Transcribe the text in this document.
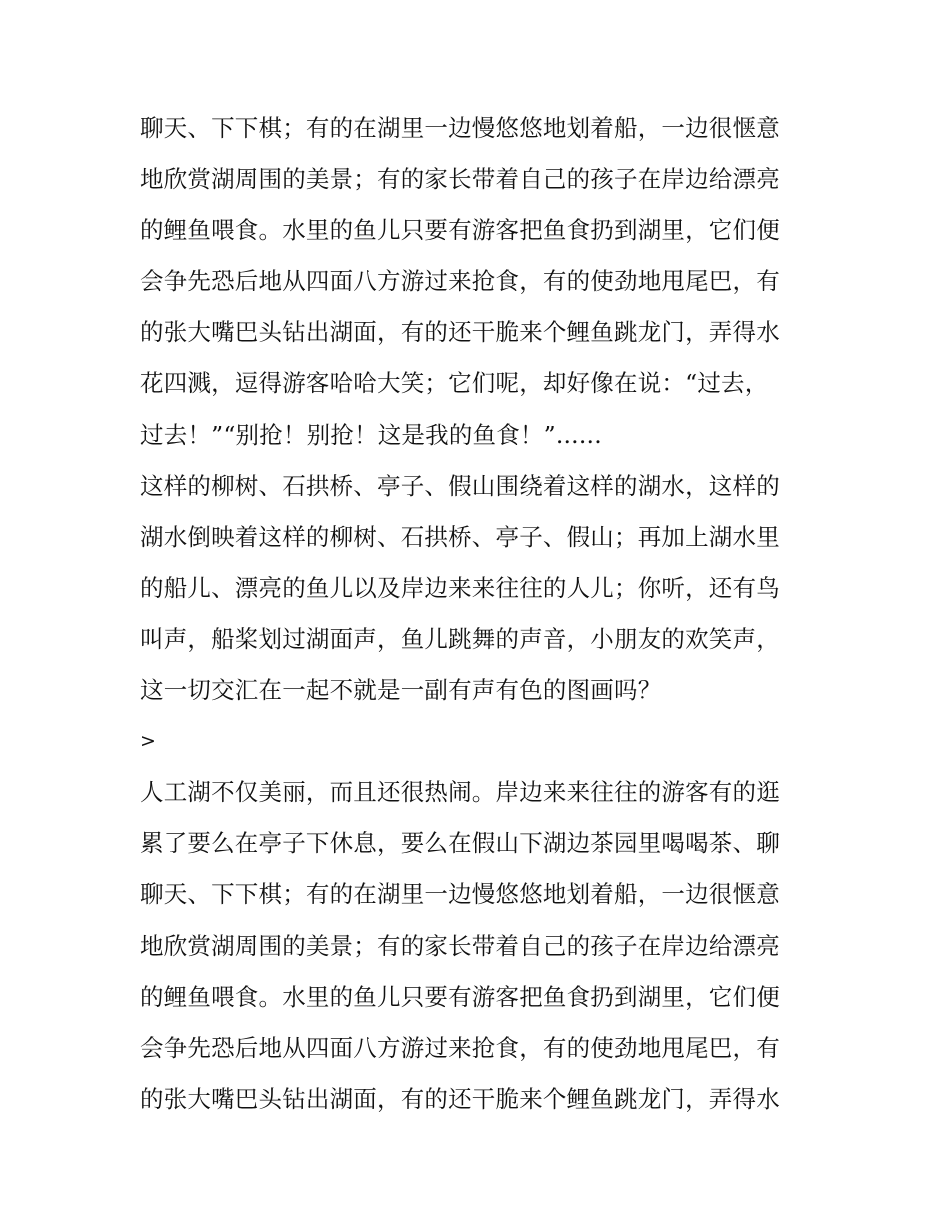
聊天、下下棋；有的在湖里一边慢悠悠地划着船，一边很惬意
地欣赏湖周围的美景；有的家长带着自己的孩子在岸边给漂亮
的鲤鱼喂食。水里的鱼儿只要有游客把鱼食扔到湖里，它们便
会争先恐后地从四面八方游过来抢食，有的使劲地甩尾巴，有
的张大嘴巴头钻出湖面，有的还干脆来个鲤鱼跳龙门，弄得水
花四溅，逗得游客哈哈大笑；它们呢，却好像在说：“过去，
过去！”“别抢！别抢！这是我的鱼食！”......
这样的柳树、石拱桥、亭子、假山围绕着这样的湖水，这样的
湖水倒映着这样的柳树、石拱桥、亭子、假山；再加上湖水里
的船儿、漂亮的鱼儿以及岸边来来往往的人儿；你听，还有鸟
叫声，船桨划过湖面声，鱼儿跳舞的声音，小朋友的欢笑声，
这一切交汇在一起不就是一副有声有色的图画吗？
>
人工湖不仅美丽，而且还很热闹。岸边来来往往的游客有的逛
累了要么在亭子下休息，要么在假山下湖边茶园里喝喝茶、聊
聊天、下下棋；有的在湖里一边慢悠悠地划着船，一边很惬意
地欣赏湖周围的美景；有的家长带着自己的孩子在岸边给漂亮
的鲤鱼喂食。水里的鱼儿只要有游客把鱼食扔到湖里，它们便
会争先恐后地从四面八方游过来抢食，有的使劲地甩尾巴，有
的张大嘴巴头钻出湖面，有的还干脆来个鲤鱼跳龙门，弄得水
